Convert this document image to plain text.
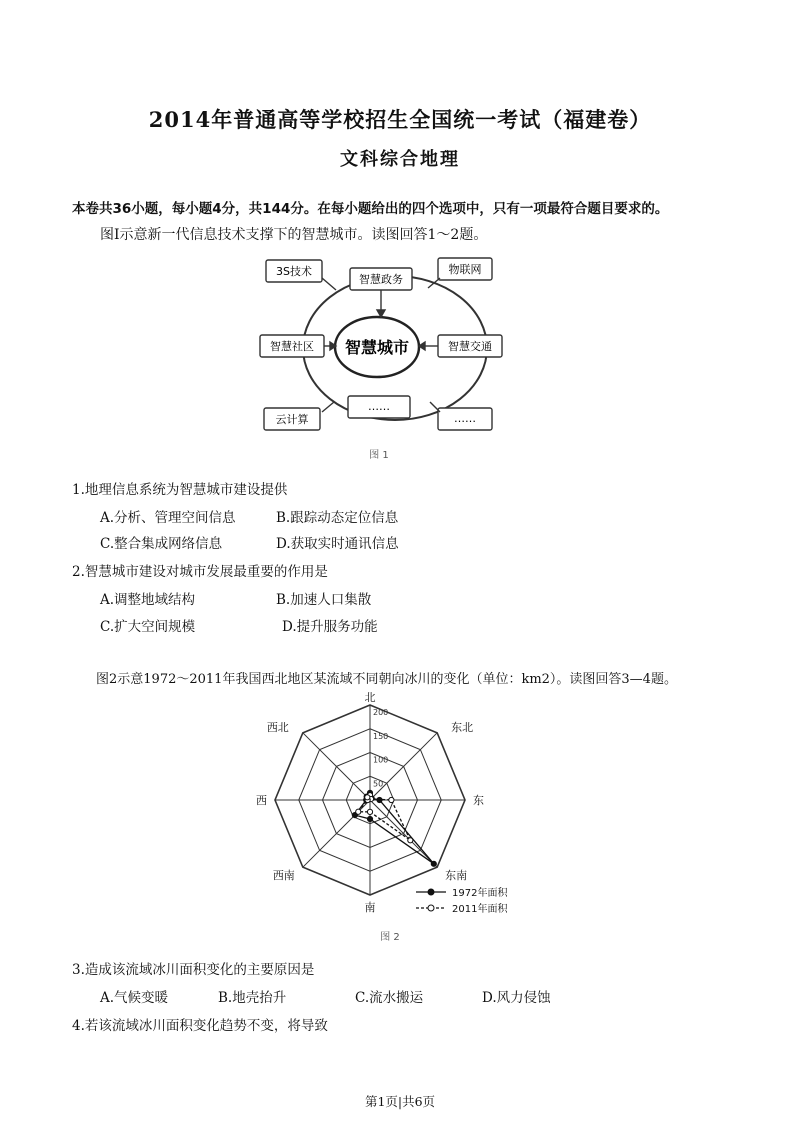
2014年普通高等学校招生全国统一考试（福建卷）
文科综合地理
本卷共36小题，每小题4分，共144分。在每小题给出的四个选项中，只有一项最符合题目要求的。
图Ⅰ示意新一代信息技术支撑下的智慧城市。读图回答1～2题。
智慧城市
3S技术
智慧政务
物联网
智慧社区	智慧交通
云计算
……
……
图 1
1.地理信息系统为智慧城市建设提供
A.分析、管理空间信息	B.跟踪动态定位信息
C.整合集成网络信息	D.获取实时通讯信息
2.智慧城市建设对城市发展最重要的作用是
A.调整地域结构	B.加速人口集散
C.扩大空间规模	D.提升服务功能
图2示意1972～2011年我国西北地区某流域不同朝向冰川的变化（单位：km2）。读图回答3—4题。
50
100
150
200
北
东北
东
东南
南
西南
西
西北
1972年面积
2011年面积
图 2
3.造成该流域冰川面积变化的主要原因是
A.气候变暖	B.地壳抬升	C.流水搬运	D.风力侵蚀
4.若该流域冰川面积变化趋势不变，将导致
第1页|共6页
